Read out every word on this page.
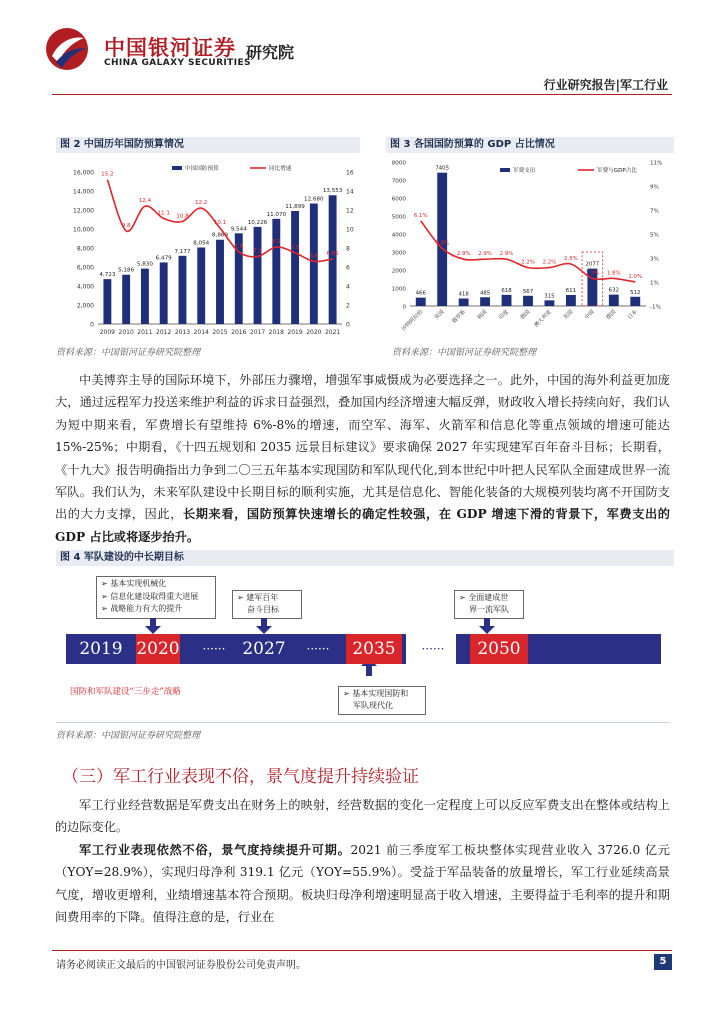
中国银河证券
CHINA GALAXY SECURITIES
研究院
行业研究报告|军工行业
图 2 中国历年国防预算情况
0
2,000
4,000
6,000
8,000
10,000
12,000
14,000
16,000
0
2
4
6
8
10
12
14
16
4,723
2009
5,186
2010
5,830
2011
6,479
2012
7,177
2013
8,054
2014
8,869
2015
9,544
2016
10,226
2017
11,070
2018
11,899
2019
12,680
2020
13,553
2021
15.2
9.8
12.4
11.1 10.8
12.2
10.1
7.6
7.1
8.1
7.5
6.6 6.85
中国国防预算	同比增速
资料来源：中国银河证券研究院整理
图 3 各国国防预算的 GDP 占比情况
0
1000
2000
3000
4000
5000
6000
7000
8000
-1%
1%
3%
5%
7%
9%
11%
466
沙特阿拉伯
7405
英国
418
俄罗斯
485
韩国
618
印度
567
德国
315
澳大利亚
611
美国
2077
中国
632
德国
512
日本
6.1%
3.8%
2.9% 2.9% 2.9%
2.2% 2.2%
2.5%
1.3% 1.8%
1.0%
军费支出	军费与GDP占比
资料来源：中国银河证券研究院整理

中美博弈主导的国际环境下，外部压力骤增，增强军事威慑成为必要选择之一。此外，中国的海外利益更加庞大，通过远程军力投送来维护利益的诉求日益强烈，叠加国内经济增速大幅反弹，财政收入增长持续向好，我们认为短中期来看，军费增长有望维持 6%-8%的增速，而空军、海军、火箭军和信息化等重点领域的增速可能达 15%-25%；中期看，《十四五规划和 2035 远景目标建议》要求确保 2027 年实现建军百年奋斗目标；长期看，《十九大》报告明确指出力争到二〇三五年基本实现国防和军队现代化,到本世纪中叶把人民军队全面建成世界一流军队。我们认为，未来军队建设中长期目标的顺利实施，尤其是信息化、智能化装备的大规模列装均离不开国防支出的大力支撑，因此，长期来看，国防预算快速增长的确定性较强，在 GDP 增速下滑的背景下，军费支出的 GDP 占比或将逐步抬升。

图 4 军队建设的中长期目标
➢ 基本实现机械化
➢ 信息化建设取得重大进展
➢ 战略能力有大的提升
➢ 建军百年
奋斗目标
➢ 全面建成世
界一流军队
2019 2020	······ 2027	······	2035	······	2050
➢ 基本实现国防和
军队现代化
国防和军队建设“三步走”战略
资料来源：中国银河证券研究院整理
（三）军工行业表现不俗，景气度提升持续验证

军工行业经营数据是军费支出在财务上的映射，经营数据的变化一定程度上可以反应军费支出在整体或结构上的边际变化。

军工行业表现依然不俗，景气度持续提升可期。2021 前三季度军工板块整体实现营业收入 3726.0 亿元（YOY=28.9%），实现归母净利 319.1 亿元（YOY=55.9%）。受益于军品装备的放量增长，军工行业延续高景气度，增收更增利，业绩增速基本符合预期。板块归母净利增速明显高于收入增速，主要得益于毛利率的提升和期间费用率的下降。值得注意的是，行业在

请务必阅读正文最后的中国银河证券股份公司免责声明。	5
